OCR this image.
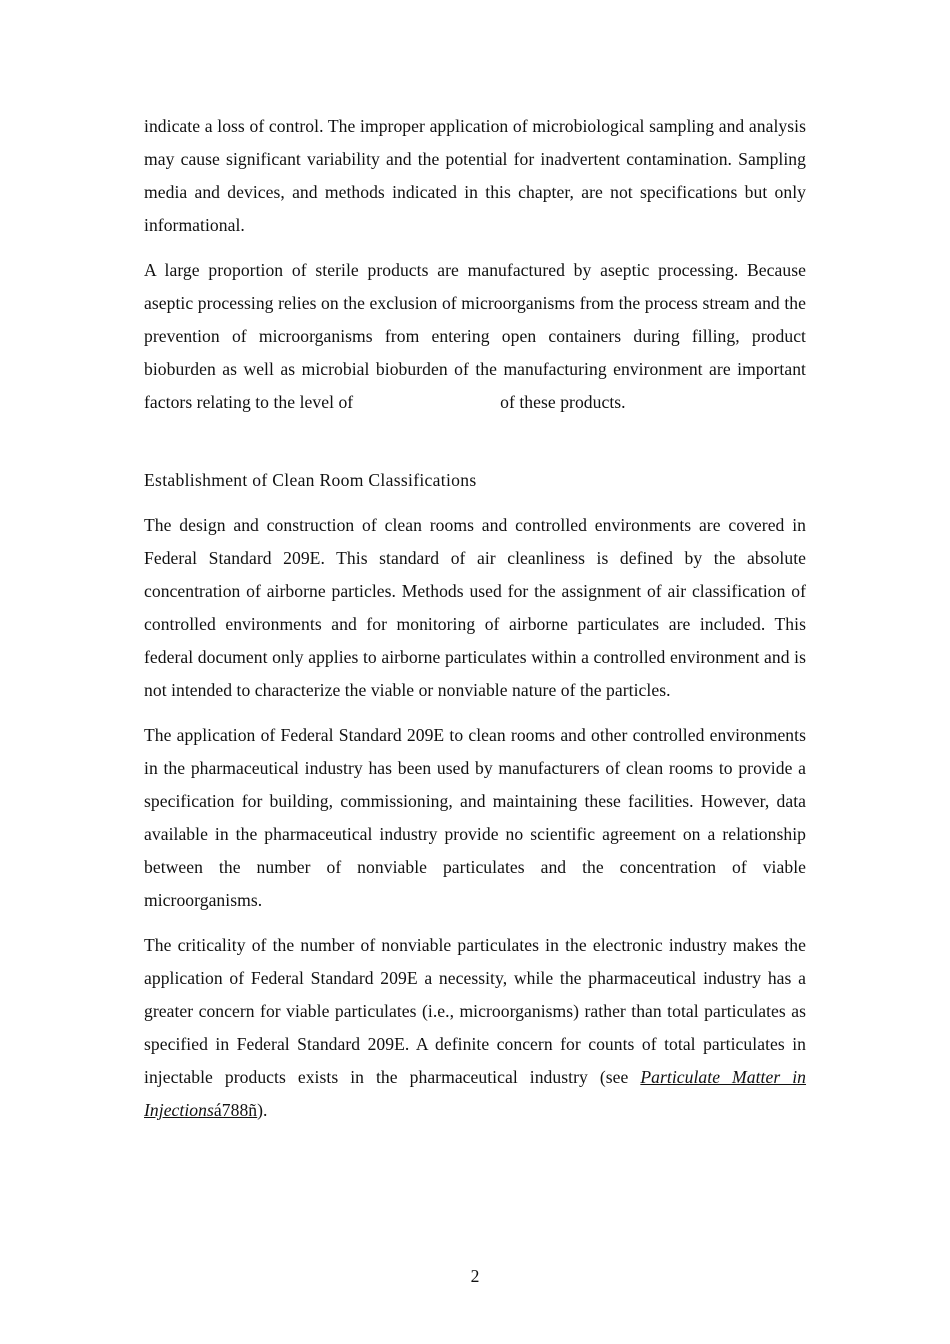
indicate a loss of control. The improper application of microbiological sampling and analysis may cause significant variability and the potential for inadvertent contamination. Sampling media and devices, and methods indicated in this chapter, are not specifications but only informational.

A large proportion of sterile products are manufactured by aseptic processing. Because aseptic processing relies on the exclusion of microorganisms from the process stream and the prevention of microorganisms from entering open containers during filling, product bioburden as well as microbial bioburden of the manufacturing environment are important factors relating to the level of	of these products.

Establishment of Clean Room Classifications

The design and construction of clean rooms and controlled environments are covered in Federal Standard 209E. This standard of air cleanliness is defined by the absolute concentration of airborne particles. Methods used for the assignment of air classification of controlled environments and for monitoring of airborne particulates are included. This federal document only applies to airborne particulates within a controlled environment and is not intended to characterize the viable or nonviable nature of the particles.

The application of Federal Standard 209E to clean rooms and other controlled environments in the pharmaceutical industry has been used by manufacturers of clean rooms to provide a specification for building, commissioning, and maintaining these facilities. However, data available in the pharmaceutical industry provide no scientific agreement on a relationship between the number of nonviable particulates and the concentration of viable microorganisms.

The criticality of the number of nonviable particulates in the electronic industry makes the application of Federal Standard 209E a necessity, while the pharmaceutical industry has a greater concern for viable particulates (i.e., microorganisms) rather than total particulates as specified in Federal Standard 209E. A definite concern for counts of total particulates in injectable products exists in the pharmaceutical industry (see Particulate Matter in Injectionsá788ñ).

2
